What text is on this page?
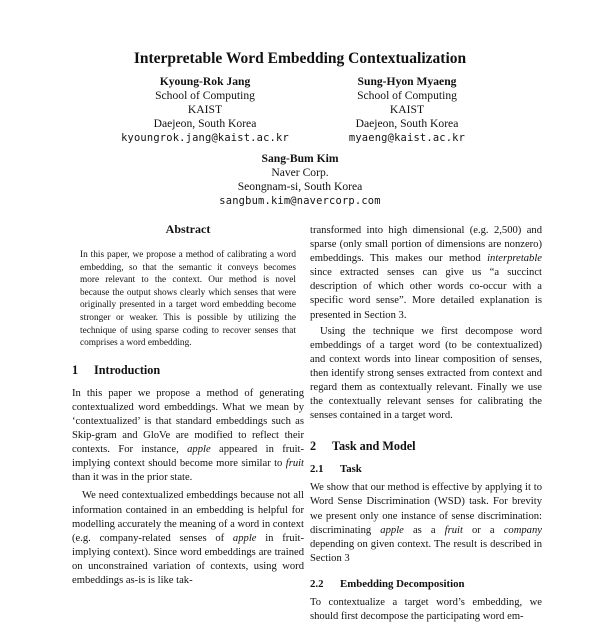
Interpretable Word Embedding Contextualization
Kyoung-Rok Jang
School of Computing
KAIST
Daejeon, South Korea
kyoungrok.jang@kaist.ac.kr
Sung-Hyon Myaeng
School of Computing
KAIST
Daejeon, South Korea
myaeng@kaist.ac.kr
Sang-Bum Kim
Naver Corp.
Seongnam-si, South Korea
sangbum.kim@navercorp.com
Abstract
In this paper, we propose a method of calibrating a word embedding, so that the semantic it conveys becomes more relevant to the context. Our method is novel because the output shows clearly which senses that were originally presented in a target word embedding become stronger or weaker. This is possible by utilizing the technique of using sparse coding to recover senses that comprises a word embedding.
1 Introduction

In this paper we propose a method of generating contextualized word embeddings. What we mean by ‘contextualized’ is that standard embeddings such as Skip-gram and GloVe are modified to reflect their contexts. For instance, apple appeared in fruit-implying context should become more similar to fruit than it was in the prior state.

We need contextualized embeddings because not all information contained in an embedding is helpful for modelling accurately the meaning of a word in context (e.g. company-related senses of apple in fruit-implying context). Since word embeddings are trained on unconstrained variation of contexts, using word embeddings as-is is like tak-

transformed into high dimensional (e.g. 2,500) and sparse (only small portion of dimensions are nonzero) embeddings. This makes our method interpretable since extracted senses can give us “a succinct description of which other words co-occur with a specific word sense”. More detailed explanation is presented in Section 3.

Using the technique we first decompose word embeddings of a target word (to be contextualized) and context words into linear composition of senses, then identify strong senses extracted from context and regard them as contextually relevant. Finally we use the contextually relevant senses for calibrating the senses contained in a target word.

2 Task and Model
2.1 Task

We show that our method is effective by applying it to Word Sense Discrimination (WSD) task. For brevity we present only one instance of sense discrimination: discriminating apple as a fruit or a company depending on given context. The result is described in Section 3

2.2 Embedding Decomposition

To contextualize a target word’s embedding, we should first decompose the participating word em-
